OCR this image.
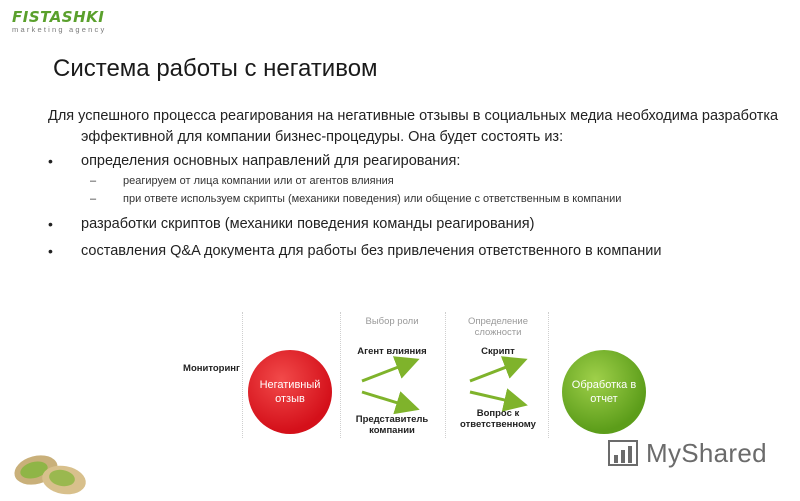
FISTASHKI
marketing agency
Система работы с негативом

Для успешного процесса реагирования на негативные отзывы в социальных медиа необходима разработка эффективной для компании бизнес-процедуры. Она будет состоять из:

• определения основных направлений для реагирования:
– реагируем от лица компании или от агентов влияния
– при ответе используем скрипты (механики поведения) или общение с ответственным в компании
• разработки скриптов (механики поведения команды реагирования)
• составления Q&A документа для работы без привлечения ответственного в компании
Выбор роли	Определение сложности
Мониторинг
Негативный отзыв
Агент влияния
Представитель компании
Скрипт
Вопрос к ответственному
Обработка в отчет
MyShared
